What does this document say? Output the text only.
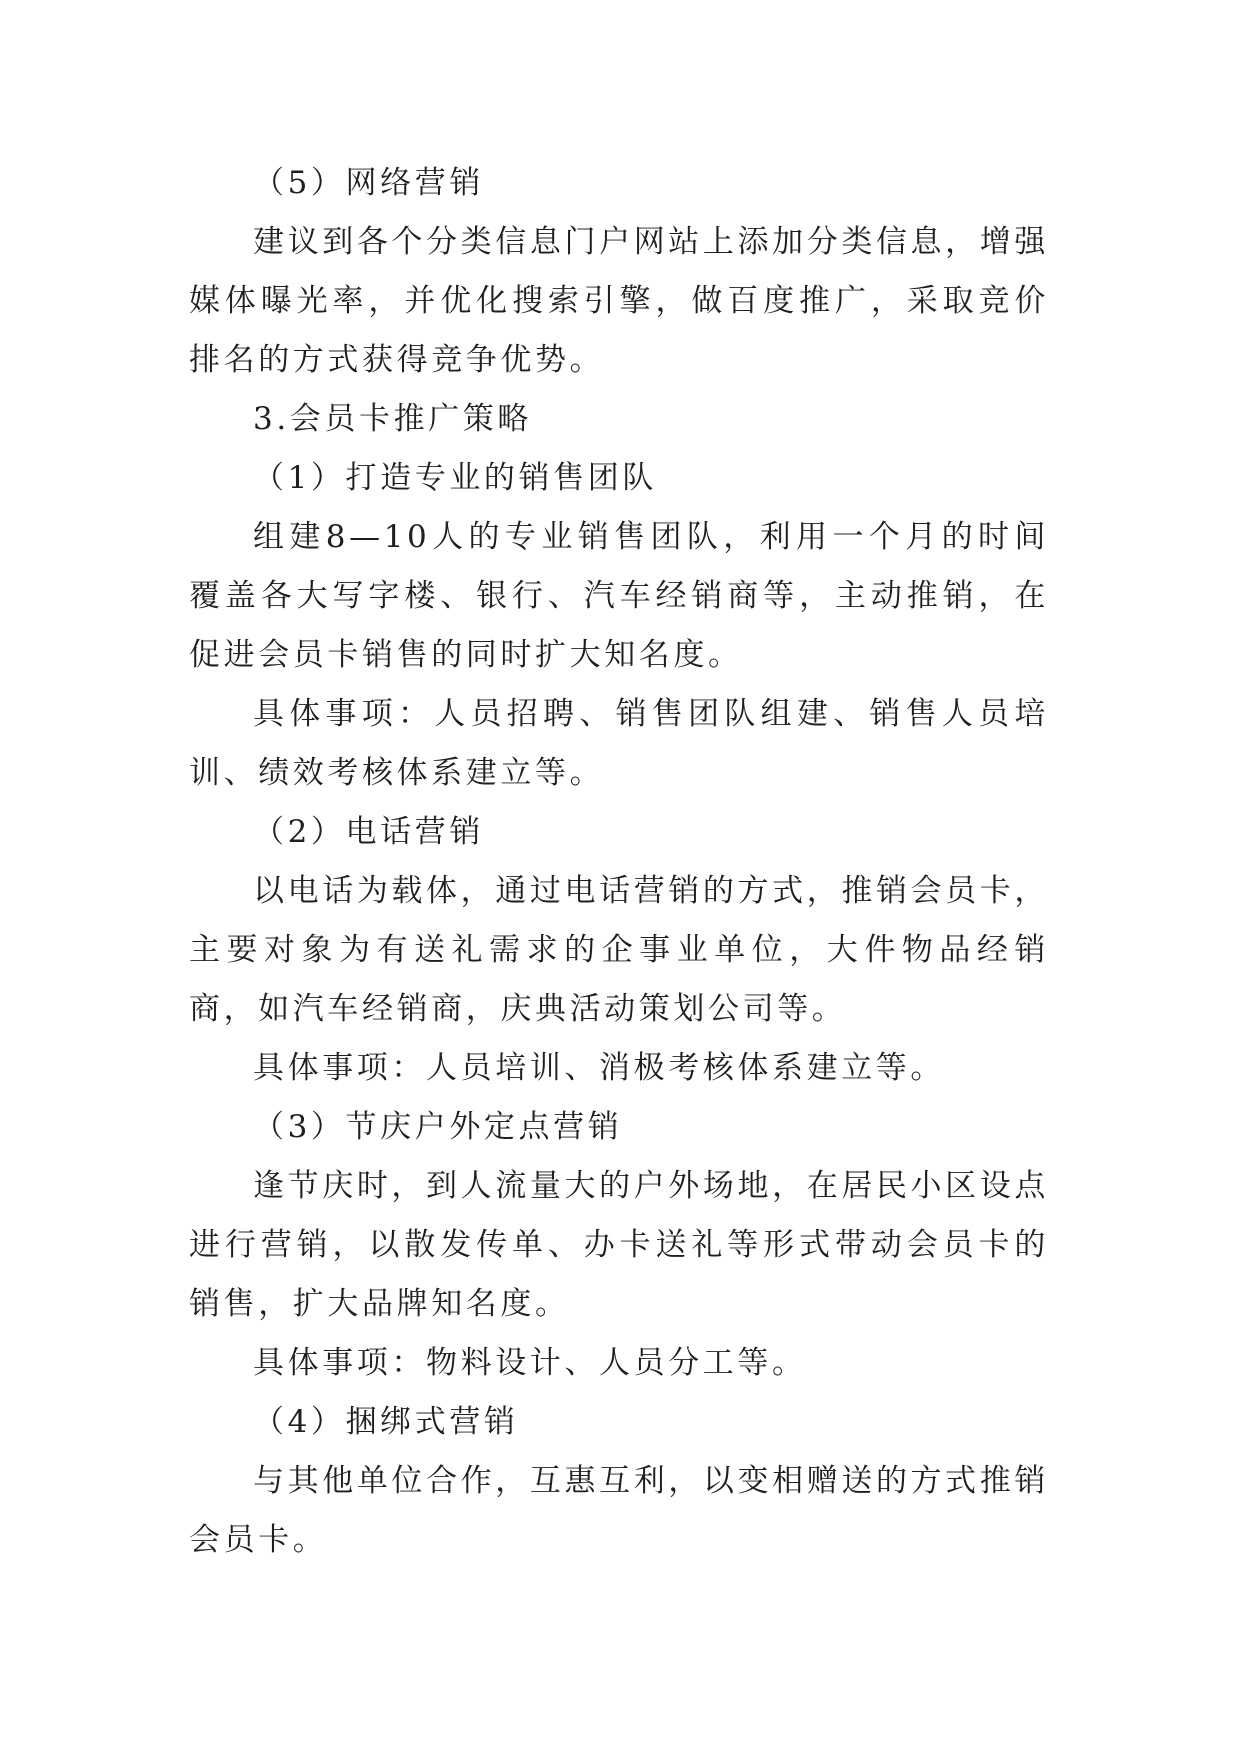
（5）网络营销

建议到各个分类信息门户网站上添加分类信息，增强媒体曝光率，并优化搜索引擎，做百度推广，采取竞价排名的方式获得竞争优势。

3.会员卡推广策略

（1）打造专业的销售团队

组建8—10人的专业销售团队，利用一个月的时间覆盖各大写字楼、银行、汽车经销商等，主动推销，在促进会员卡销售的同时扩大知名度。

具体事项：人员招聘、销售团队组建、销售人员培训、绩效考核体系建立等。

（2）电话营销

以电话为载体，通过电话营销的方式，推销会员卡，主要对象为有送礼需求的企事业单位，大件物品经销商，如汽车经销商，庆典活动策划公司等。

具体事项：人员培训、消极考核体系建立等。

（3）节庆户外定点营销

逢节庆时，到人流量大的户外场地，在居民小区设点进行营销，以散发传单、办卡送礼等形式带动会员卡的销售，扩大品牌知名度。

具体事项：物料设计、人员分工等。

（4）捆绑式营销

与其他单位合作，互惠互利，以变相赠送的方式推销会员卡。
